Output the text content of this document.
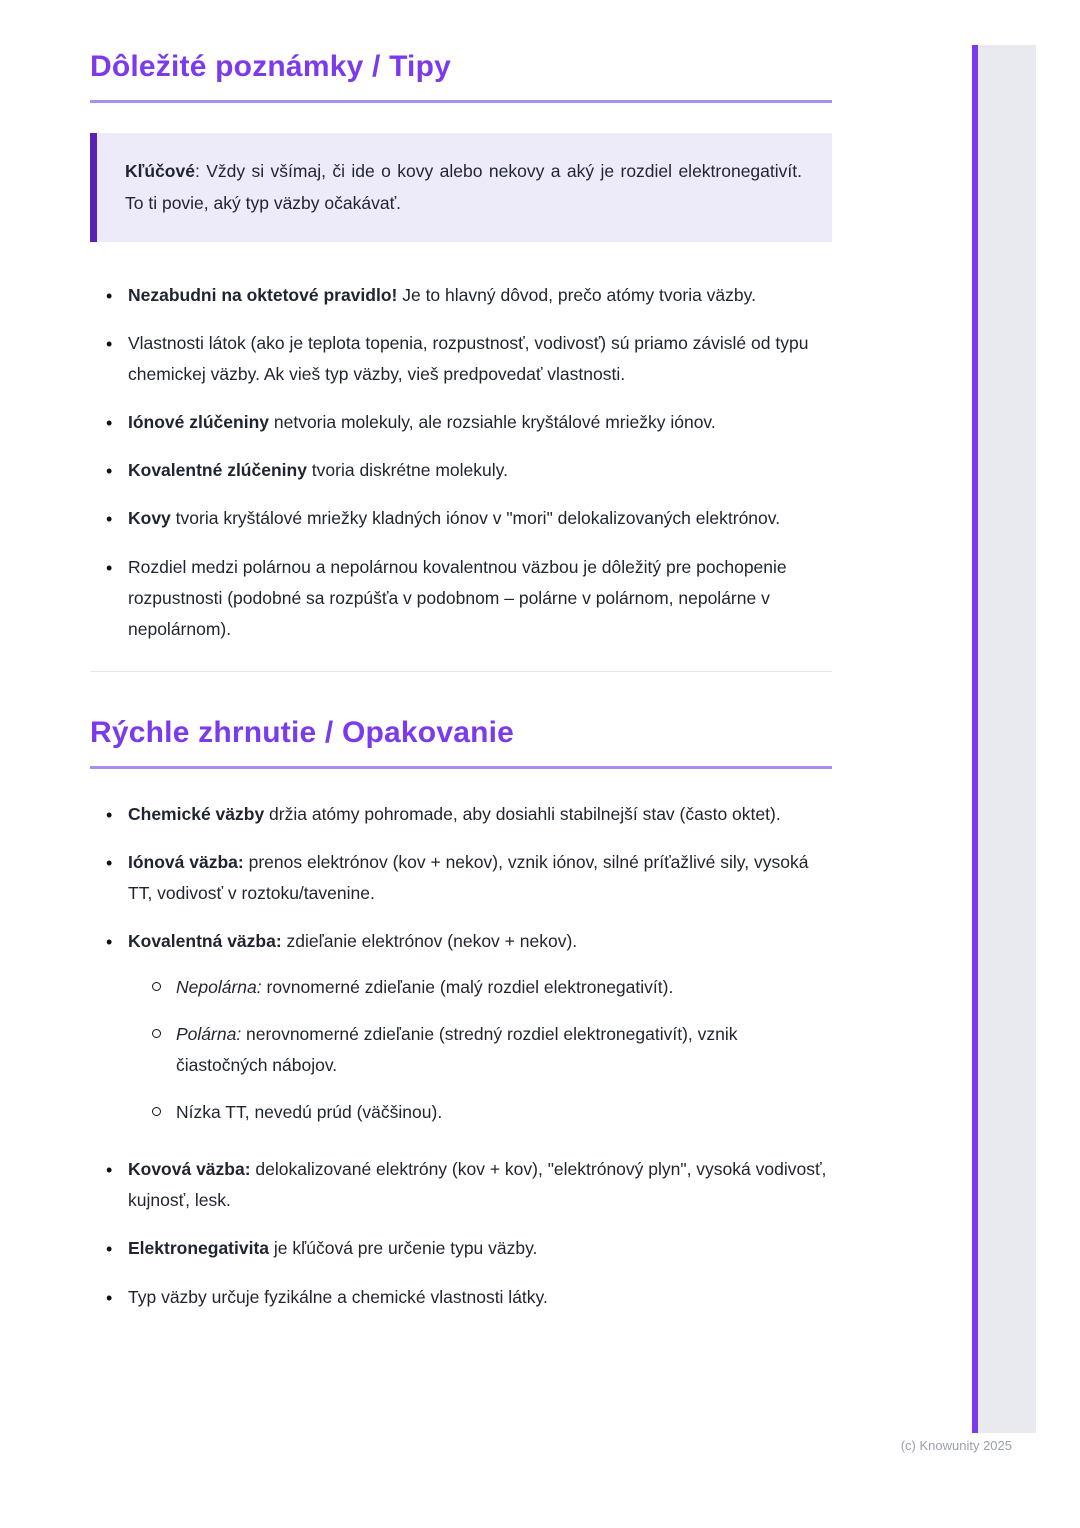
Dôležité poznámky / Tipy
Kľúčové: Vždy si všímaj, či ide o kovy alebo nekovy a aký je rozdiel elektronegativít. To ti povie, aký typ väzby očakávať.
• Nezabudni na oktetové pravidlo! Je to hlavný dôvod, prečo atómy tvoria väzby.
• Vlastnosti látok (ako je teplota topenia, rozpustnosť, vodivosť) sú priamo závislé od typu chemickej väzby. Ak vieš typ väzby, vieš predpovedať vlastnosti.
• Iónové zlúčeniny netvoria molekuly, ale rozsiahle kryštálové mriežky iónov.
• Kovalentné zlúčeniny tvoria diskrétne molekuly.
• Kovy tvoria kryštálové mriežky kladných iónov v "mori" delokalizovaných elektrónov.
• Rozdiel medzi polárnou a nepolárnou kovalentnou väzbou je dôležitý pre pochopenie rozpustnosti (podobné sa rozpúšťa v podobnom – polárne v polárnom, nepolárne v nepolárnom).
Rýchle zhrnutie / Opakovanie
• Chemické väzby držia atómy pohromade, aby dosiahli stabilnejší stav (často oktet).
• Iónová väzba: prenos elektrónov (kov + nekov), vznik iónov, silné príťažlivé sily, vysoká TT, vodivosť v roztoku/tavenine.
• Kovalentná väzba: zdieľanie elektrónov (nekov + nekov).
Nepolárna: rovnomerné zdieľanie (malý rozdiel elektronegativít).
Polárna: nerovnomerné zdieľanie (stredný rozdiel elektronegativít), vznik čiastočných nábojov.
Nízka TT, nevedú prúd (väčšinou).
• Kovová väzba: delokalizované elektróny (kov + kov), "elektrónový plyn", vysoká vodivosť, kujnosť, lesk.
• Elektronegativita je kľúčová pre určenie typu väzby.
• Typ väzby určuje fyzikálne a chemické vlastnosti látky.
(c) Knowunity 2025
